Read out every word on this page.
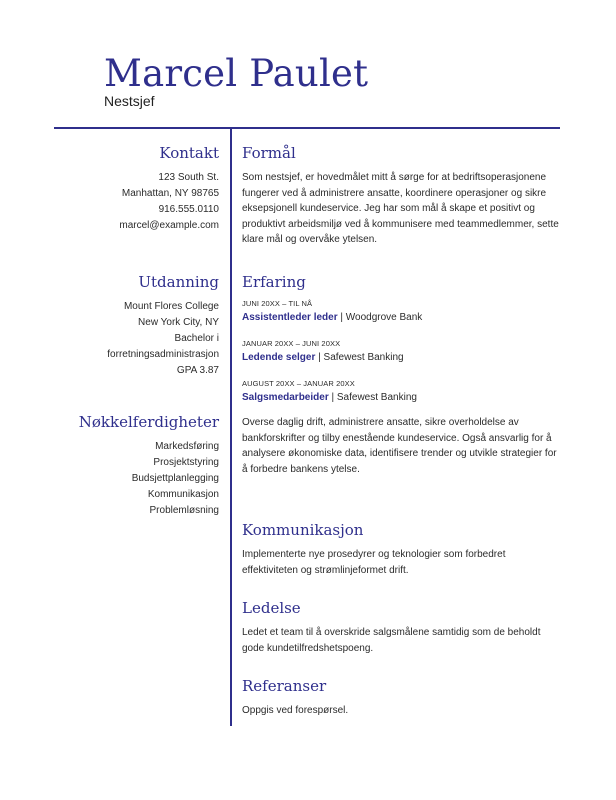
Marcel Paulet
Nestsjef
Kontakt
123 South St.
Manhattan, NY 98765
916.555.0110
marcel@example.com
Utdanning
Mount Flores College
New York City, NY
Bachelor i
forretningsadministrasjon
GPA 3.87
Nøkkelferdigheter
Markedsføring
Prosjektstyring
Budsjettplanlegging
Kommunikasjon
Problemløsning
Formål
Som nestsjef, er hovedmålet mitt å sørge for at bedriftsoperasjonene fungerer ved å administrere ansatte, koordinere operasjoner og sikre eksepsjonell kundeservice. Jeg har som mål å skape et positivt og produktivt arbeidsmiljø ved å kommunisere med teammedlemmer, sette klare mål og overvåke ytelsen.
Erfaring
JUNI 20XX – TIL NÅ
Assistentleder leder | Woodgrove Bank
JANUAR 20XX – JUNI 20XX
Ledende selger | Safewest Banking
AUGUST 20XX – JANUAR 20XX
Salgsmedarbeider | Safewest Banking
Overse daglig drift, administrere ansatte, sikre overholdelse av bankforskrifter og tilby enestående kundeservice. Også ansvarlig for å analysere økonomiske data, identifisere trender og utvikle strategier for å forbedre bankens ytelse.
Kommunikasjon
Implementerte nye prosedyrer og teknologier som forbedret effektiviteten og strømlinjeformet drift.
Ledelse
Ledet et team til å overskride salgsmålene samtidig som de beholdt gode kundetilfredshetspoeng.
Referanser
Oppgis ved forespørsel.
